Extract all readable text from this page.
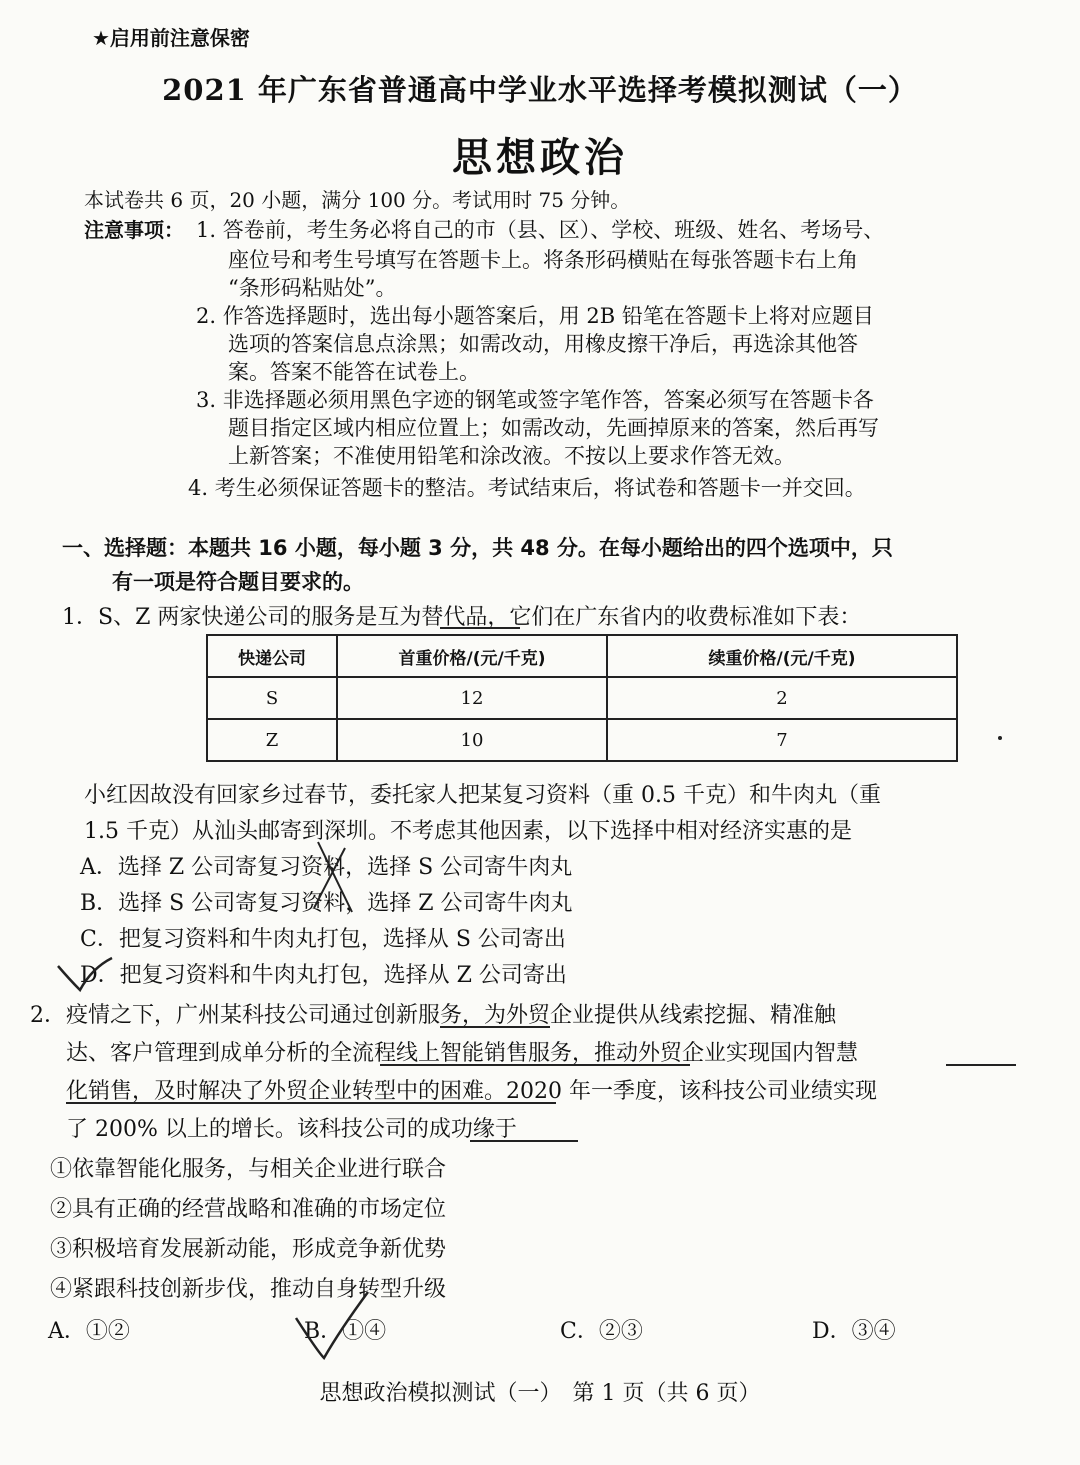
★启用前注意保密
2021 年广东省普通高中学业水平选择考模拟测试（一）
思想政治
本试卷共 6 页，20 小题，满分 100 分。考试用时 75 分钟。
注意事项： 1. 答卷前，考生务必将自己的市（县、区）、学校、班级、姓名、考场号、
座位号和考生号填写在答题卡上。将条形码横贴在每张答题卡右上角
“条形码粘贴处”。
2. 作答选择题时，选出每小题答案后，用 2B 铅笔在答题卡上将对应题目
选项的答案信息点涂黑；如需改动，用橡皮擦干净后，再选涂其他答
案。答案不能答在试卷上。
3. 非选择题必须用黑色字迹的钢笔或签字笔作答，答案必须写在答题卡各
题目指定区域内相应位置上；如需改动，先画掉原来的答案，然后再写
上新答案；不准使用铅笔和涂改液。不按以上要求作答无效。
4. 考生必须保证答题卡的整洁。考试结束后，将试卷和答题卡一并交回。
一、选择题：本题共 16 小题，每小题 3 分，共 48 分。在每小题给出的四个选项中，只
有一项是符合题目要求的。
1．S、Z 两家快递公司的服务是互为替代品，它们在广东省内的收费标准如下表：
快递公司	首重价格/(元/千克)	续重价格/(元/千克)
S	12	2
Z	10	7
小红因故没有回家乡过春节，委托家人把某复习资料（重 0.5 千克）和牛肉丸（重
1.5 千克）从汕头邮寄到深圳。不考虑其他因素，以下选择中相对经济实惠的是
A．选择 Z 公司寄复习资料，选择 S 公司寄牛肉丸
B．选择 S 公司寄复习资料，选择 Z 公司寄牛肉丸
C．把复习资料和牛肉丸打包，选择从 S 公司寄出
D．把复习资料和牛肉丸打包，选择从 Z 公司寄出
2．疫情之下，广州某科技公司通过创新服务，为外贸企业提供从线索挖掘、精准触
达、客户管理到成单分析的全流程线上智能销售服务，推动外贸企业实现国内智慧
化销售，及时解决了外贸企业转型中的困难。2020 年一季度，该科技公司业绩实现
了 200% 以上的增长。该科技公司的成功缘于
①依靠智能化服务，与相关企业进行联合
②具有正确的经营战略和准确的市场定位
③积极培育发展新动能，形成竞争新优势
④紧跟科技创新步伐，推动自身转型升级
A．①②	B．①④	C．②③	D．③④
思想政治模拟测试（一）　第 1 页（共 6 页）
